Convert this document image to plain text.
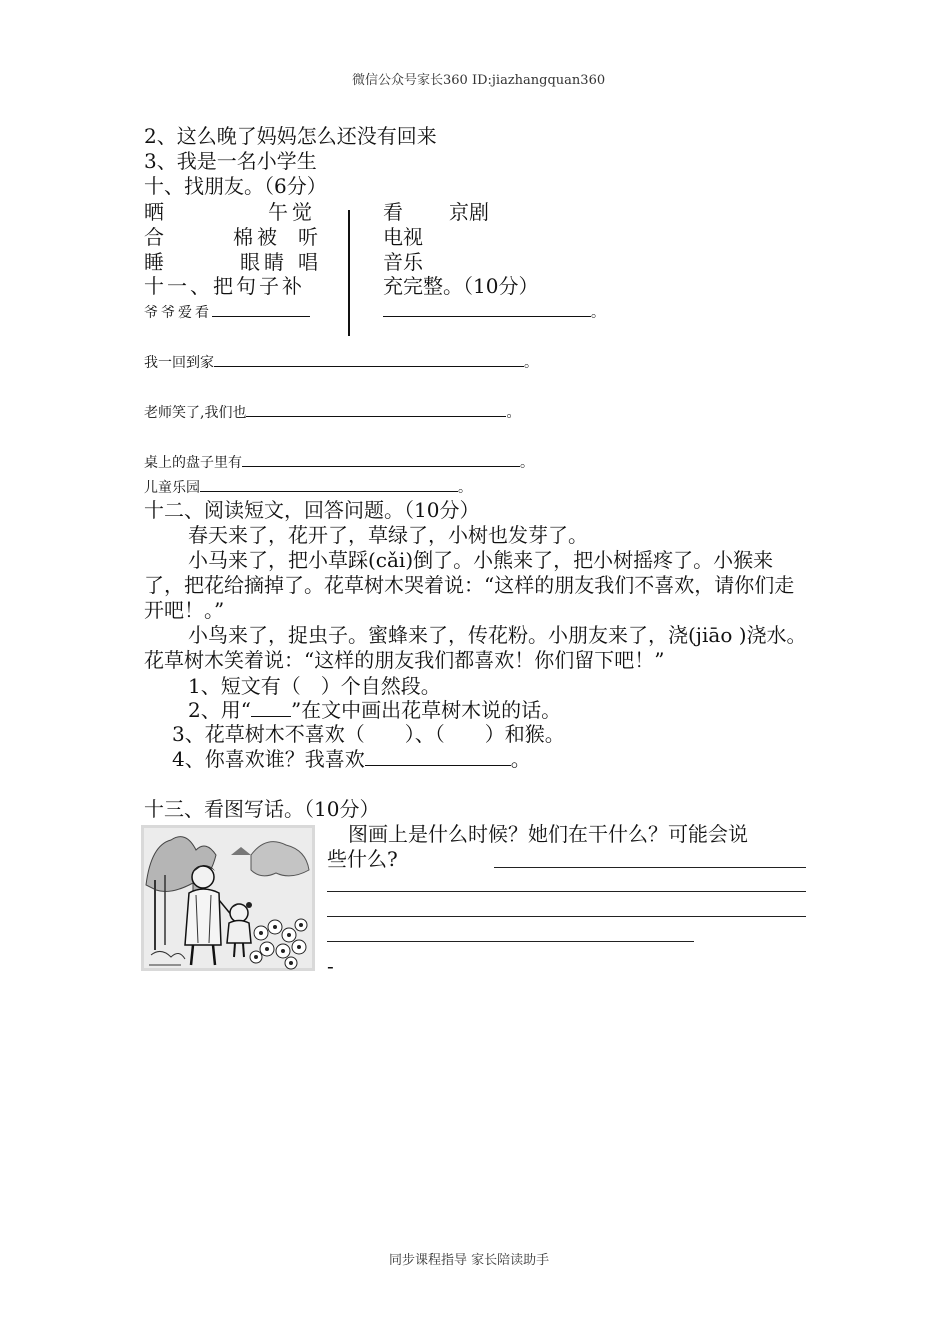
微信公众号家长360 ID:jiazhangquan360
2、这么晚了妈妈怎么还没有回来
3、我是一名小学生
十、找朋友。（6分）
晒	午觉	看 京剧
合	棉被 听	电视
睡	眼睛 唱	音乐
十一、把句子补	充完整。（10分）
爷爷爱看	。
我一回到家	。
老师笑了,我们也	。
桌上的盘子里有	。
儿童乐园	。
十二、阅读短文，回答问题。（10分）
春天来了，花开了，草绿了，小树也发芽了。
小马来了，把小草踩(cǎi)倒了。小熊来了，把小树摇疼了。小猴来了，把花给摘掉了。花草树木哭着说：“这样的朋友我们不喜欢，请你们走开吧！。”
小鸟来了，捉虫子。蜜蜂来了，传花粉。小朋友来了，浇(jiāo )浇水。花草树木笑着说：“这样的朋友我们都喜欢！你们留下吧！”
1、短文有（　）个自然段。
2、用“ ”在文中画出花草树木说的话。
3、花草树木不喜欢（　　）、（　　）和猴。
4、你喜欢谁？我喜欢	。
十三、看图写话。（10分）
图画上是什么时候？她们在干什么？可能会说
些什么?
-
同步课程指导 家长陪读助手
